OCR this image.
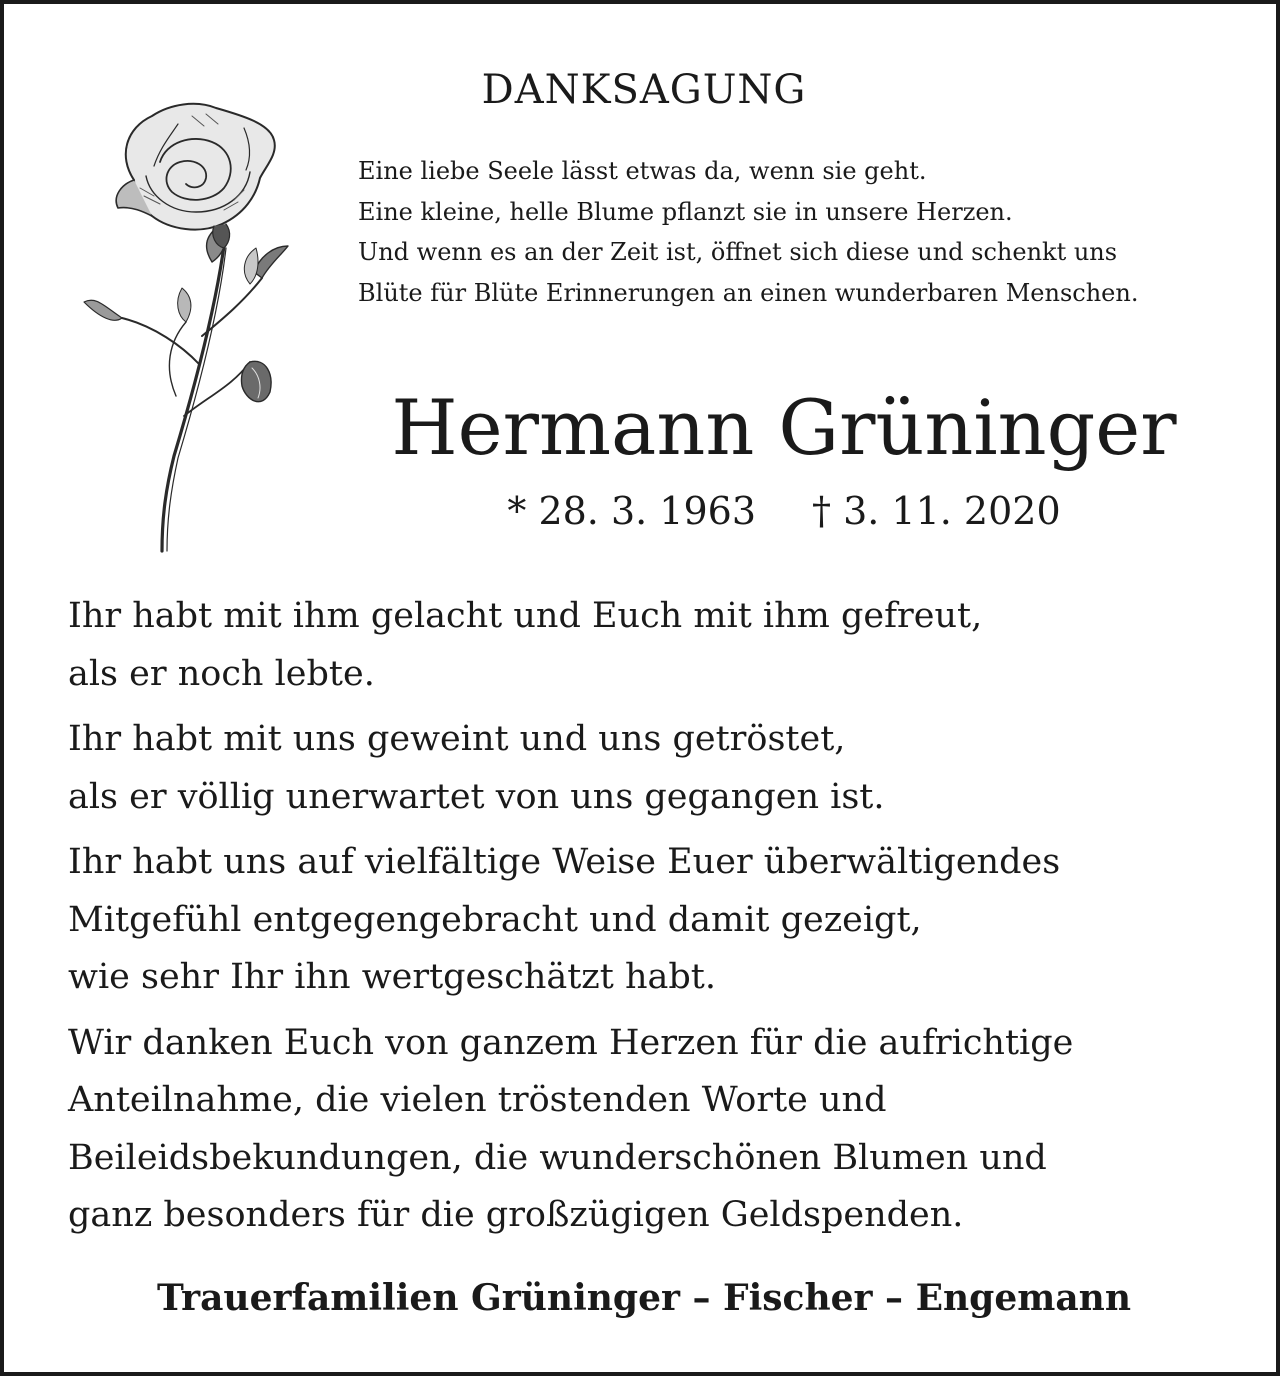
DANKSAGUNG
Eine liebe Seele lässt etwas da, wenn sie geht.
Eine kleine, helle Blume pflanzt sie in unsere Herzen.
Und wenn es an der Zeit ist, öffnet sich diese und schenkt uns
Blüte für Blüte Erinnerungen an einen wunderbaren Menschen.
Hermann Grüninger
* 28. 3. 1963 † 3. 11. 2020
Ihr habt mit ihm gelacht und Euch mit ihm gefreut,
als er noch lebte.
Ihr habt mit uns geweint und uns getröstet,
als er völlig unerwartet von uns gegangen ist.
Ihr habt uns auf vielfältige Weise Euer überwältigendes
Mitgefühl entgegengebracht und damit gezeigt,
wie sehr Ihr ihn wertgeschätzt habt.
Wir danken Euch von ganzem Herzen für die aufrichtige
Anteilnahme, die vielen tröstenden Worte und
Beileidsbekundungen, die wunderschönen Blumen und
ganz besonders für die großzügigen Geldspenden.
Trauerfamilien Grüninger – Fischer – Engemann
